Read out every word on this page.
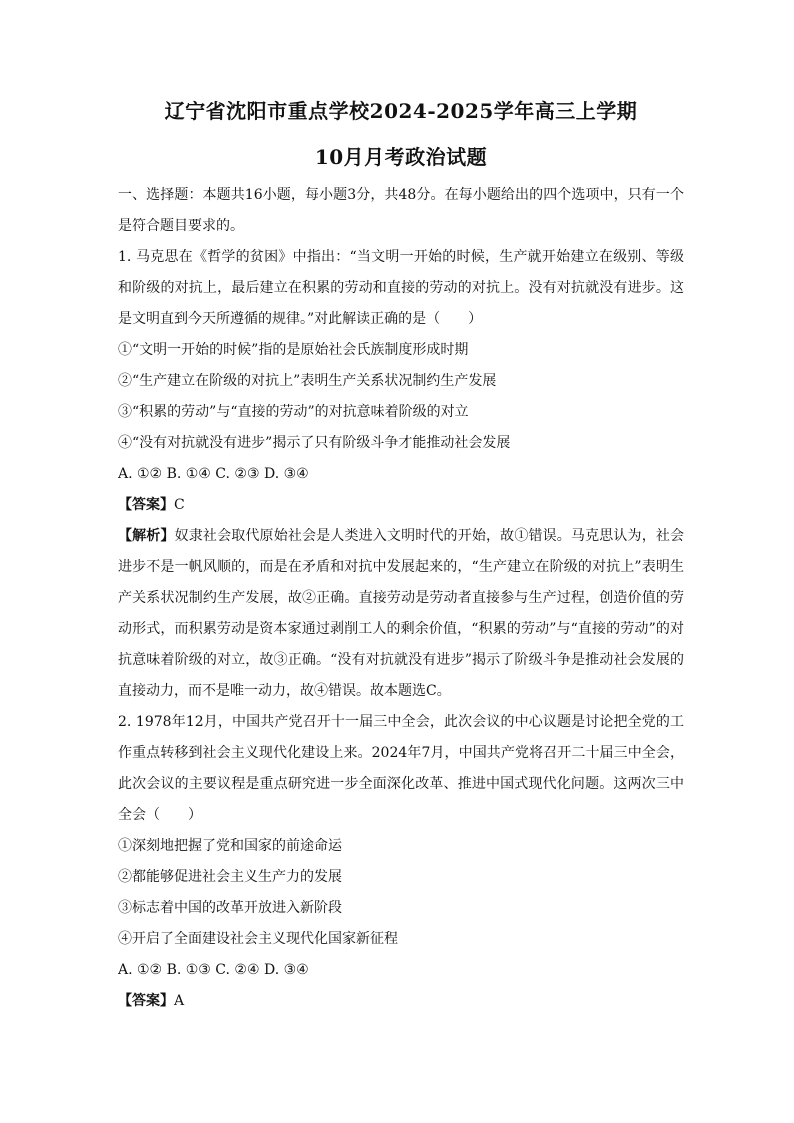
辽宁省沈阳市重点学校2024-2025学年高三上学期
10月月考政治试题

一、选择题：本题共16小题，每小题3分，共48分。在每小题给出的四个选项中，只有一个是符合题目要求的。

1. 马克思在《哲学的贫困》中指出：“当文明一开始的时候，生产就开始建立在级别、等级和阶级的对抗上，最后建立在积累的劳动和直接的劳动的对抗上。没有对抗就没有进步。这是文明直到今天所遵循的规律。”对此解读正确的是（　　）

①“文明一开始的时候”指的是原始社会氏族制度形成时期

②“生产建立在阶级的对抗上”表明生产关系状况制约生产发展

③“积累的劳动”与“直接的劳动”的对抗意味着阶级的对立

④“没有对抗就没有进步”揭示了只有阶级斗争才能推动社会发展

A. ①② B. ①④ C. ②③ D. ③④

【答案】C

【解析】奴隶社会取代原始社会是人类进入文明时代的开始，故①错误。马克思认为，社会进步不是一帆风顺的，而是在矛盾和对抗中发展起来的，“生产建立在阶级的对抗上”表明生产关系状况制约生产发展，故②正确。直接劳动是劳动者直接参与生产过程，创造价值的劳动形式，而积累劳动是资本家通过剥削工人的剩余价值，“积累的劳动”与“直接的劳动”的对抗意味着阶级的对立，故③正确。“没有对抗就没有进步”揭示了阶级斗争是推动社会发展的直接动力，而不是唯一动力，故④错误。故本题选C。

2. 1978年12月，中国共产党召开十一届三中全会，此次会议的中心议题是讨论把全党的工作重点转移到社会主义现代化建设上来。2024年7月，中国共产党将召开二十届三中全会，此次会议的主要议程是重点研究进一步全面深化改革、推进中国式现代化问题。这两次三中全会（　　）

①深刻地把握了党和国家的前途命运

②都能够促进社会主义生产力的发展

③标志着中国的改革开放进入新阶段

④开启了全面建设社会主义现代化国家新征程

A. ①② B. ①③ C. ②④ D. ③④

【答案】A
